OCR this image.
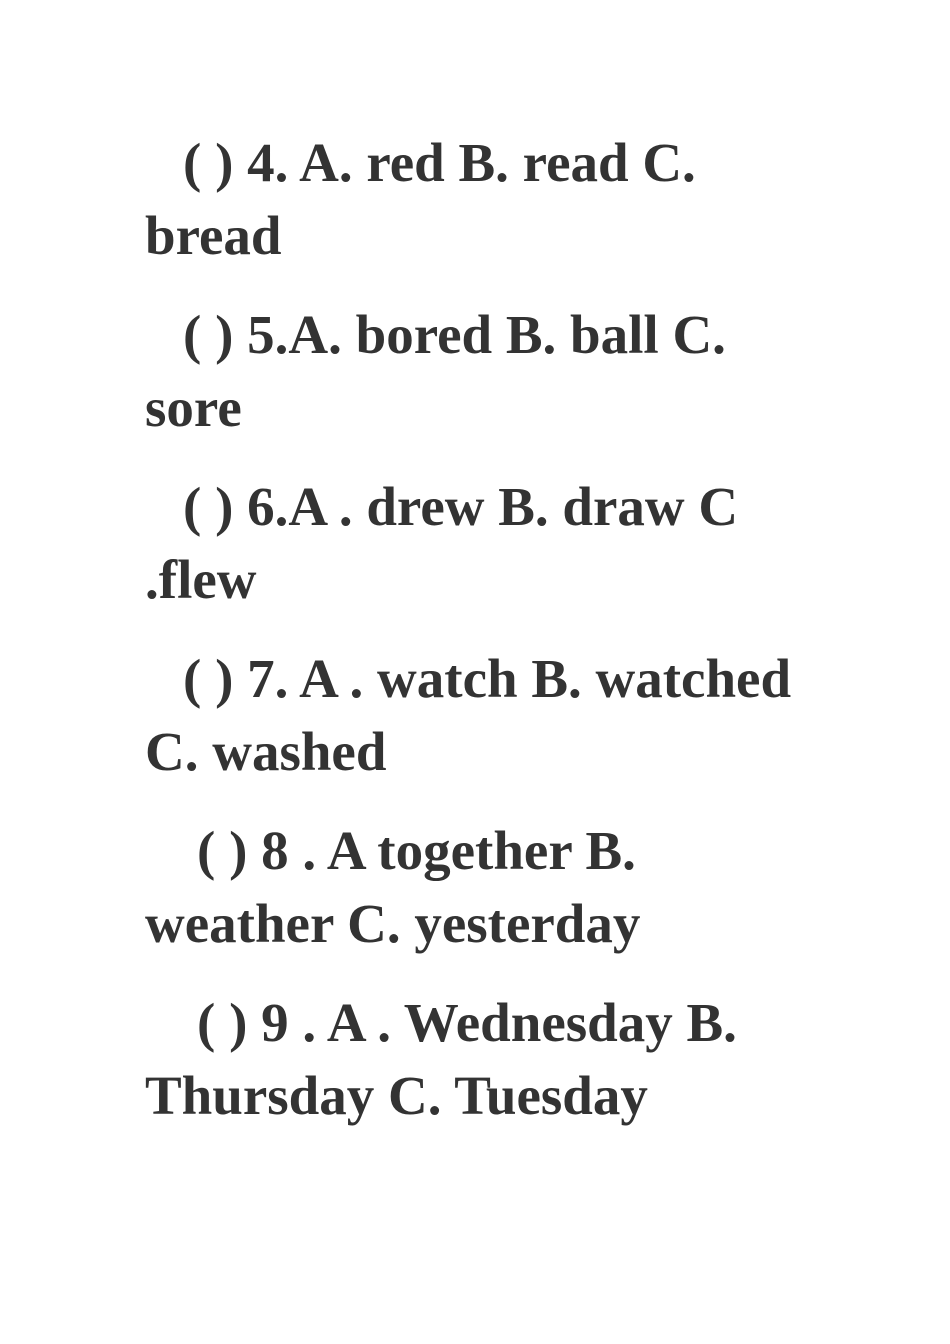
( ) 4. A. red B. read C. bread

( ) 5.A. bored B. ball C. sore

( ) 6.A . drew B. draw C .flew

( ) 7. A . watch B. watched C. washed

( ) 8 . A together B. weather C. yesterday

( ) 9 . A . Wednesday B. Thursday C. Tuesday
